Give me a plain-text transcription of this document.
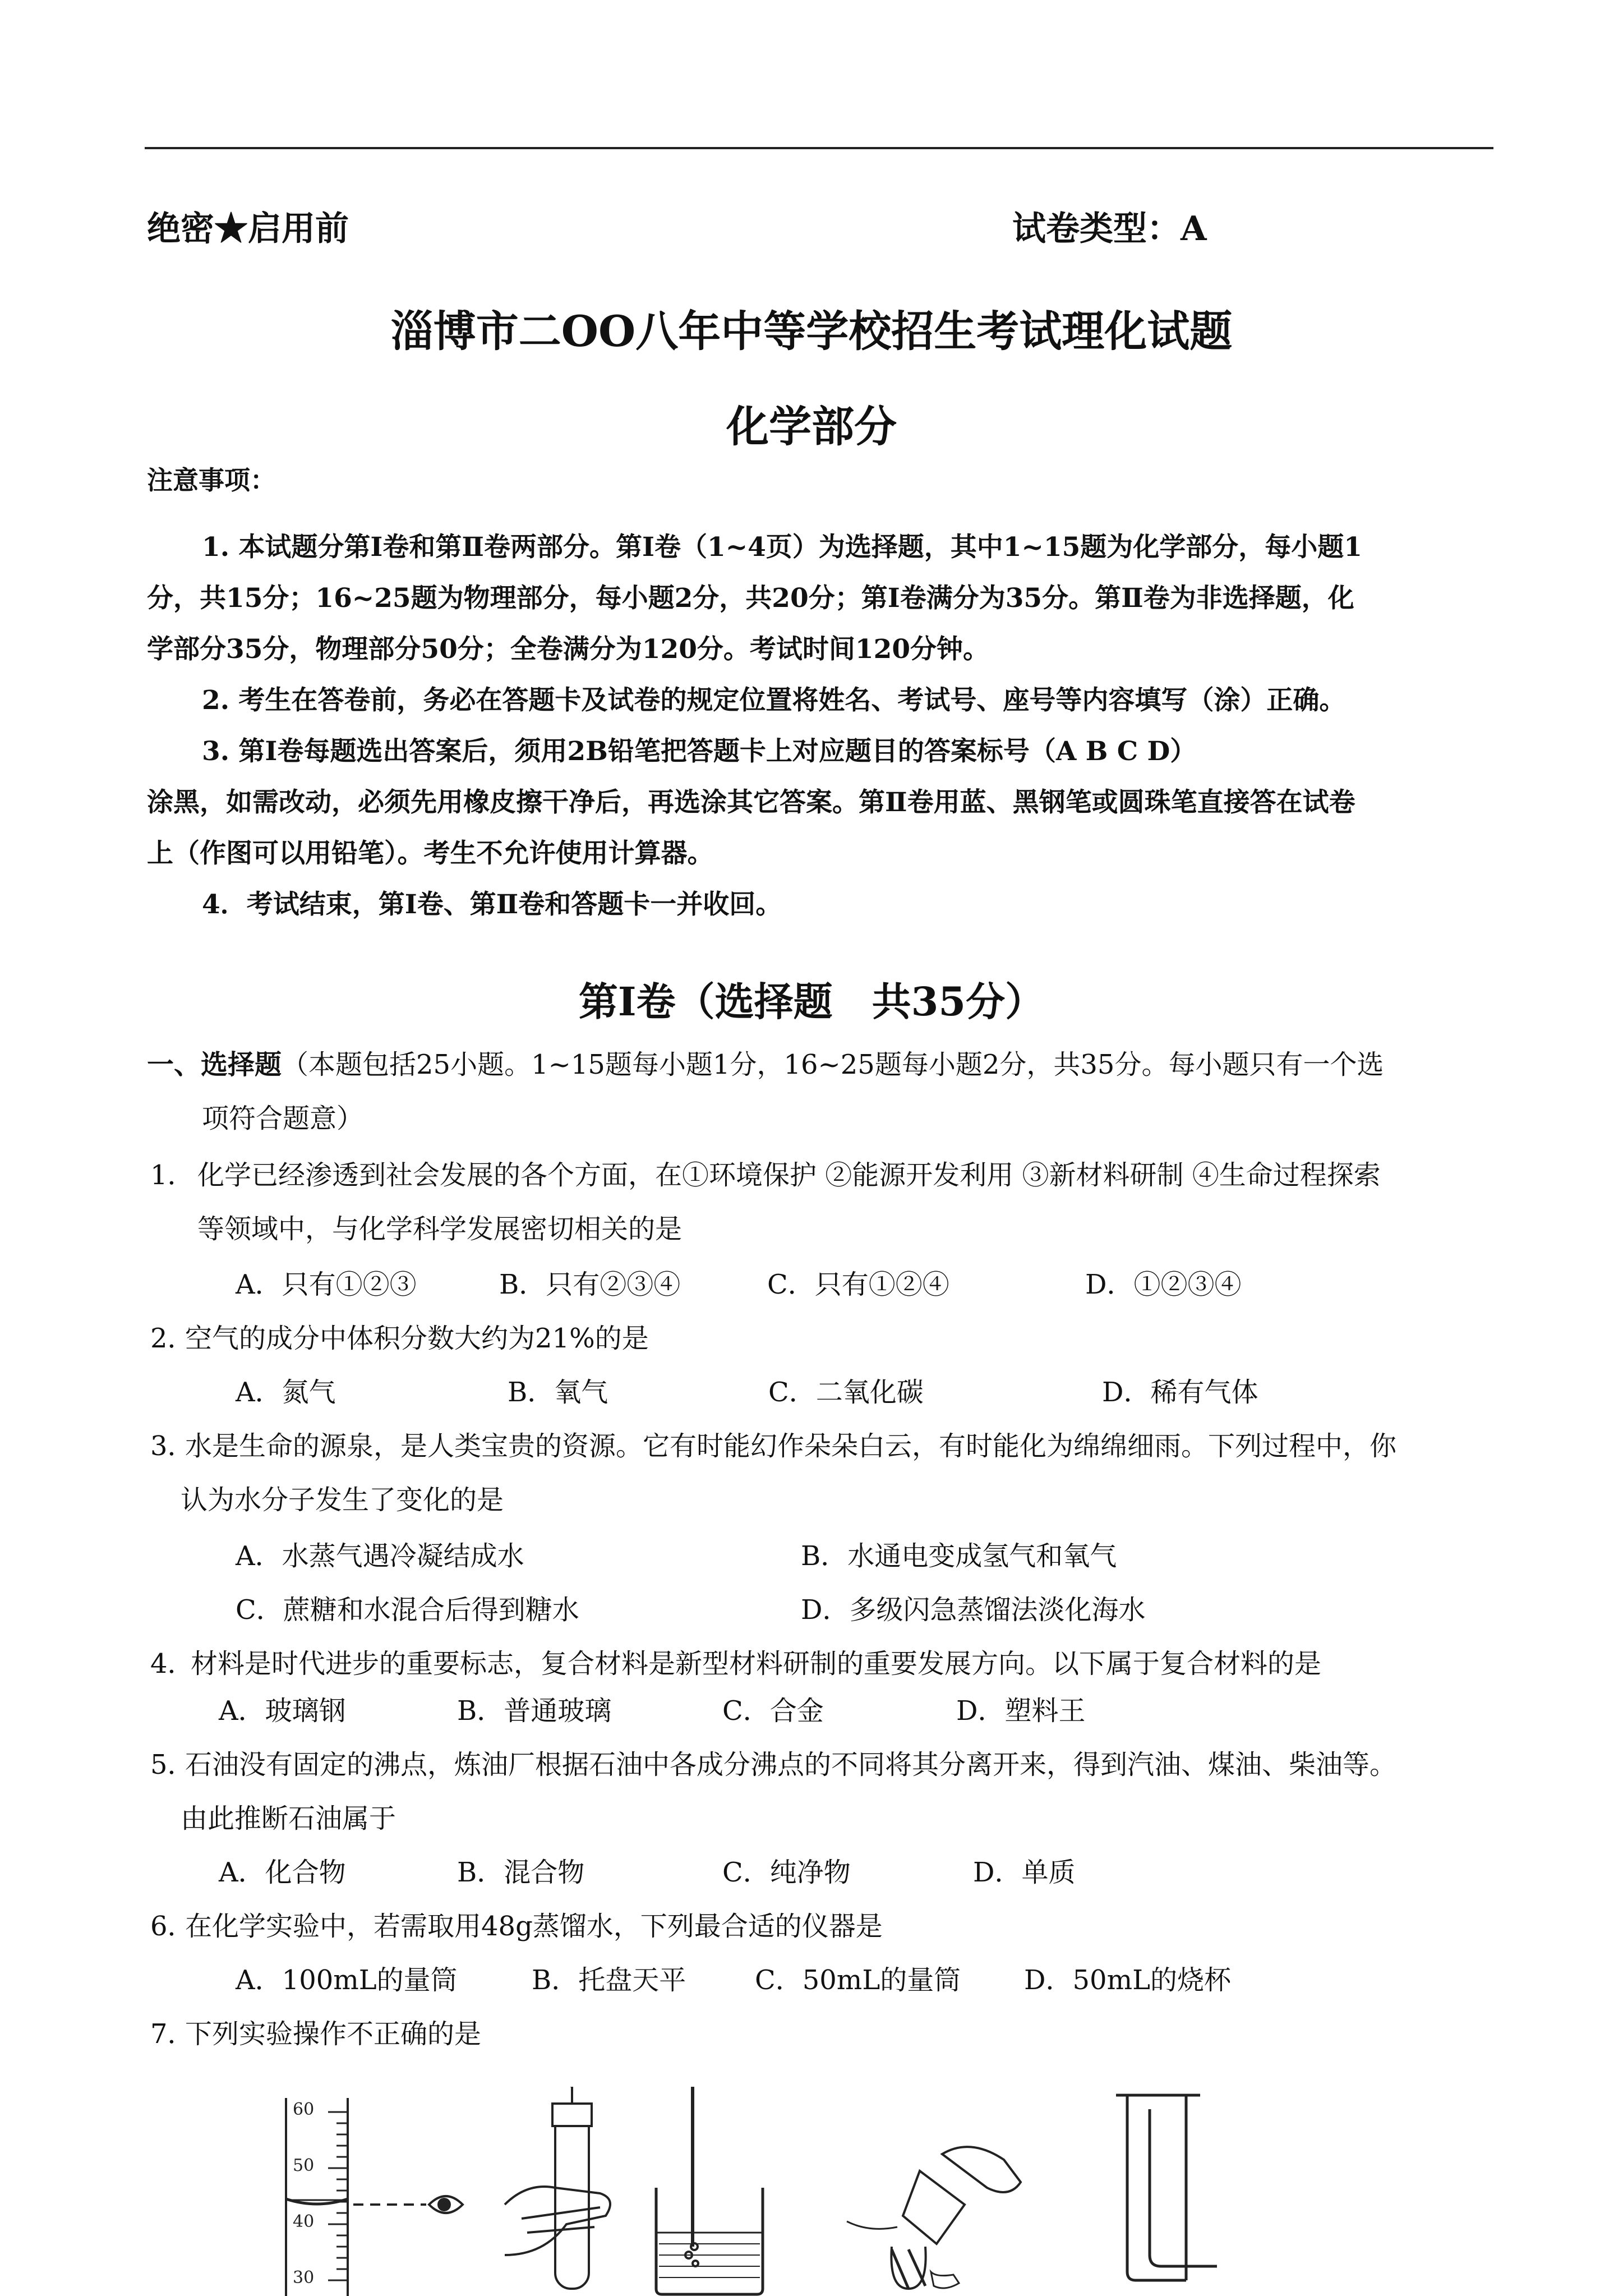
绝密★启用前	试卷类型：A
淄博市二OO八年中等学校招生考试理化试题
化学部分
注意事项：
1. 本试题分第Ⅰ卷和第Ⅱ卷两部分。第Ⅰ卷（1~4页）为选择题，其中1~15题为化学部分，每小题1
分，共15分；16~25题为物理部分，每小题2分，共20分；第Ⅰ卷满分为35分。第Ⅱ卷为非选择题，化
学部分35分，物理部分50分；全卷满分为120分。考试时间120分钟。
2. 考生在答卷前，务必在答题卡及试卷的规定位置将姓名、考试号、座号等内容填写（涂）正确。
3. 第Ⅰ卷每题选出答案后，须用2B铅笔把答题卡上对应题目的答案标号（A B C D）
涂黑，如需改动，必须先用橡皮擦干净后，再选涂其它答案。第Ⅱ卷用蓝、黑钢笔或圆珠笔直接答在试卷
上（作图可以用铅笔）。考生不允许使用计算器。
4．考试结束，第Ⅰ卷、第Ⅱ卷和答题卡一并收回。
第Ⅰ卷（选择题　共35分）
一、选择题（本题包括25小题。1~15题每小题1分，16~25题每小题2分，共35分。每小题只有一个选
项符合题意）
1． 化学已经渗透到社会发展的各个方面，在①环境保护 ②能源开发利用 ③新材料研制 ④生命过程探索
等领域中，与化学科学发展密切相关的是
A．只有①②③	B．只有②③④	C．只有①②④	D．①②③④
2．
空气的成分中体积分数大约为21%的是
A．氮气	B．氧气	C．二氧化碳	D．稀有气体
3．
水是生命的源泉，是人类宝贵的资源。它有时能幻作朵朵白云，有时能化为绵绵细雨。下列过程中，你
认为水分子发生了变化的是
A．水蒸气遇冷凝结成水	B．水通电变成氢气和氧气
C．蔗糖和水混合后得到糖水	D．多级闪急蒸馏法淡化海水
4．
材料是时代进步的重要标志，复合材料是新型材料研制的重要发展方向。以下属于复合材料的是
A．玻璃钢	B．普通玻璃	C．合金	D．塑料王
5．
石油没有固定的沸点，炼油厂根据石油中各成分沸点的不同将其分离开来，得到汽油、煤油、柴油等。
由此推断石油属于
A．化合物	B．混合物	C．纯净物	D．单质
6．
在化学实验中，若需取用48g蒸馏水，下列最合适的仪器是
A．100mL的量筒	B．托盘天平	C．50mL的量筒 D．50mL的烧杯
7．
下列实验操作不正确的是
60
50
40
30
